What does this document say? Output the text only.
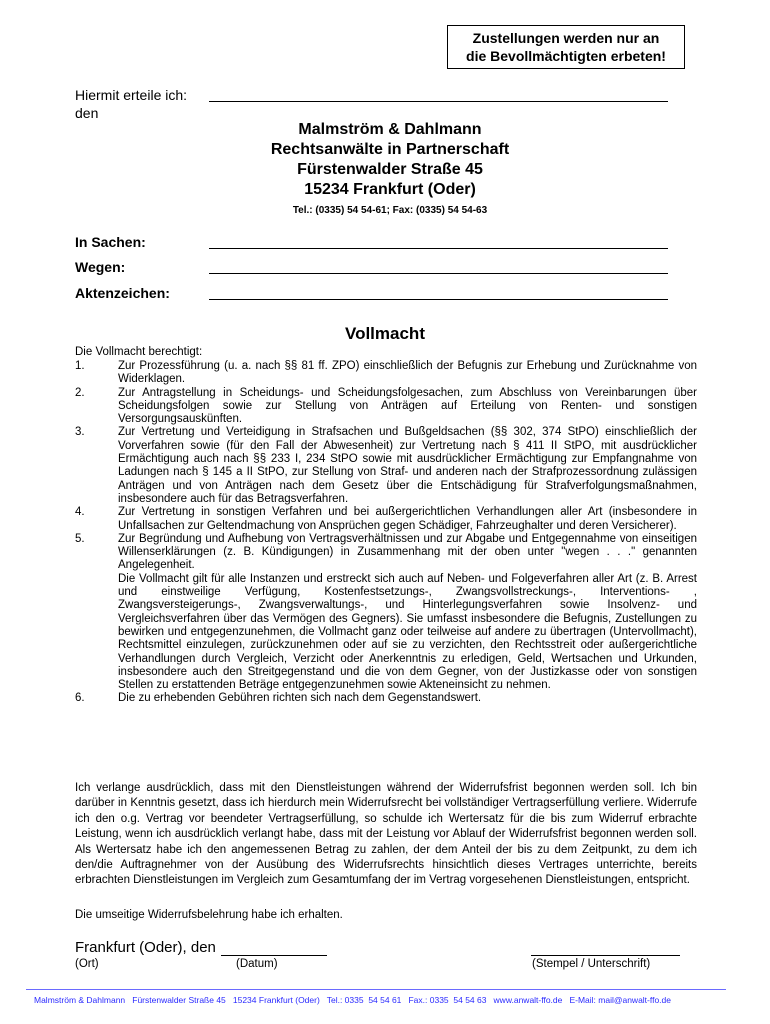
Zustellungen werden nur an
die Bevollmächtigten erbeten!
Hiermit erteile ich:
den
Malmström & Dahlmann
Rechtsanwälte in Partnerschaft
Fürstenwalder Straße 45
15234 Frankfurt (Oder)
Tel.: (0335) 54 54-61; Fax: (0335) 54 54-63
In Sachen:
Wegen:
Aktenzeichen:
Vollmacht
Die Vollmacht berechtigt:
1.	Zur Prozessführung (u. a. nach §§ 81 ff. ZPO) einschließlich der Befugnis zur Erhebung und Zurücknahme von Widerklagen.
2.	Zur Antragstellung in Scheidungs- und Scheidungsfolgesachen, zum Abschluss von Vereinbarungen über Scheidungsfolgen sowie zur Stellung von Anträgen auf Erteilung von Renten- und sonstigen Versorgungsauskünften.
3.	Zur Vertretung und Verteidigung in Strafsachen und Bußgeldsachen (§§ 302, 374 StPO) einschließlich der Vorverfahren sowie (für den Fall der Abwesenheit) zur Vertretung nach § 411 II StPO, mit ausdrücklicher Ermächtigung auch nach §§ 233 I, 234 StPO sowie mit ausdrücklicher Ermächtigung zur Empfangnahme von Ladungen nach § 145 a II StPO, zur Stellung von Straf- und anderen nach der Strafprozessordnung zulässigen Anträgen und von Anträgen nach dem Gesetz über die Entschädigung für Strafverfolgungsmaßnahmen, insbesondere auch für das Betragsverfahren.
4.	Zur Vertretung in sonstigen Verfahren und bei außergerichtlichen Verhandlungen aller Art (insbesondere in Unfallsachen zur Geltendmachung von Ansprüchen gegen Schädiger, Fahrzeughalter und deren Versicherer).
5.	Zur Begründung und Aufhebung von Vertragsverhältnissen und zur Abgabe und Entgegennahme von einseitigen Willenserklärungen (z. B. Kündigungen) in Zusammenhang mit der oben unter "wegen . . ." genannten Angelegenheit.
Die Vollmacht gilt für alle Instanzen und erstreckt sich auch auf Neben- und Folgeverfahren aller Art (z. B. Arrest und einstweilige Verfügung, Kostenfestsetzungs-, Zwangsvollstreckungs-, Interventions- , Zwangsversteigerungs-, Zwangsverwaltungs-, und Hinterlegungsverfahren sowie Insolvenz- und Vergleichsverfahren über das Vermögen des Gegners). Sie umfasst insbesondere die Befugnis, Zustellungen zu bewirken und entgegenzunehmen, die Vollmacht ganz oder teilweise auf andere zu übertragen (Untervollmacht), Rechtsmittel einzulegen, zurückzunehmen oder auf sie zu verzichten, den Rechtsstreit oder außergerichtliche Verhandlungen durch Vergleich, Verzicht oder Anerkenntnis zu erledigen, Geld, Wertsachen und Urkunden, insbesondere auch den Streitgegenstand und die von dem Gegner, von der Justizkasse oder von sonstigen Stellen zu erstattenden Beträge entgegenzunehmen sowie Akteneinsicht zu nehmen.
6.	Die zu erhebenden Gebühren richten sich nach dem Gegenstandswert.
Ich verlange ausdrücklich, dass mit den Dienstleistungen während der Widerrufsfrist begonnen werden soll. Ich bin darüber in Kenntnis gesetzt, dass ich hierdurch mein Widerrufsrecht bei vollständiger Vertragserfüllung verliere. Widerrufe ich den o.g. Vertrag vor beendeter Vertragserfüllung, so schulde ich Wertersatz für die bis zum Widerruf erbrachte Leistung, wenn ich ausdrücklich verlangt habe, dass mit der Leistung vor Ablauf der Widerrufsfrist begonnen werden soll. Als Wertersatz habe ich den angemessenen Betrag zu zahlen, der dem Anteil der bis zu dem Zeitpunkt, zu dem ich den/die Auftragnehmer von der Ausübung des Widerrufsrechts hinsichtlich dieses Vertrages unterrichte, bereits erbrachten Dienstleistungen im Vergleich zum Gesamtumfang der im Vertrag vorgesehenen Dienstleistungen, entspricht.
Die umseitige Widerrufsbelehrung habe ich erhalten.
Frankfurt (Oder), den
(Ort)	(Datum)	(Stempel / Unterschrift)
Malmström & Dahlmann   Fürstenwalder Straße 45   15234 Frankfurt (Oder)   Tel.: 0335  54 54 61   Fax.: 0335  54 54 63   www.anwalt-ffo.de   E-Mail: mail@anwalt-ffo.de
